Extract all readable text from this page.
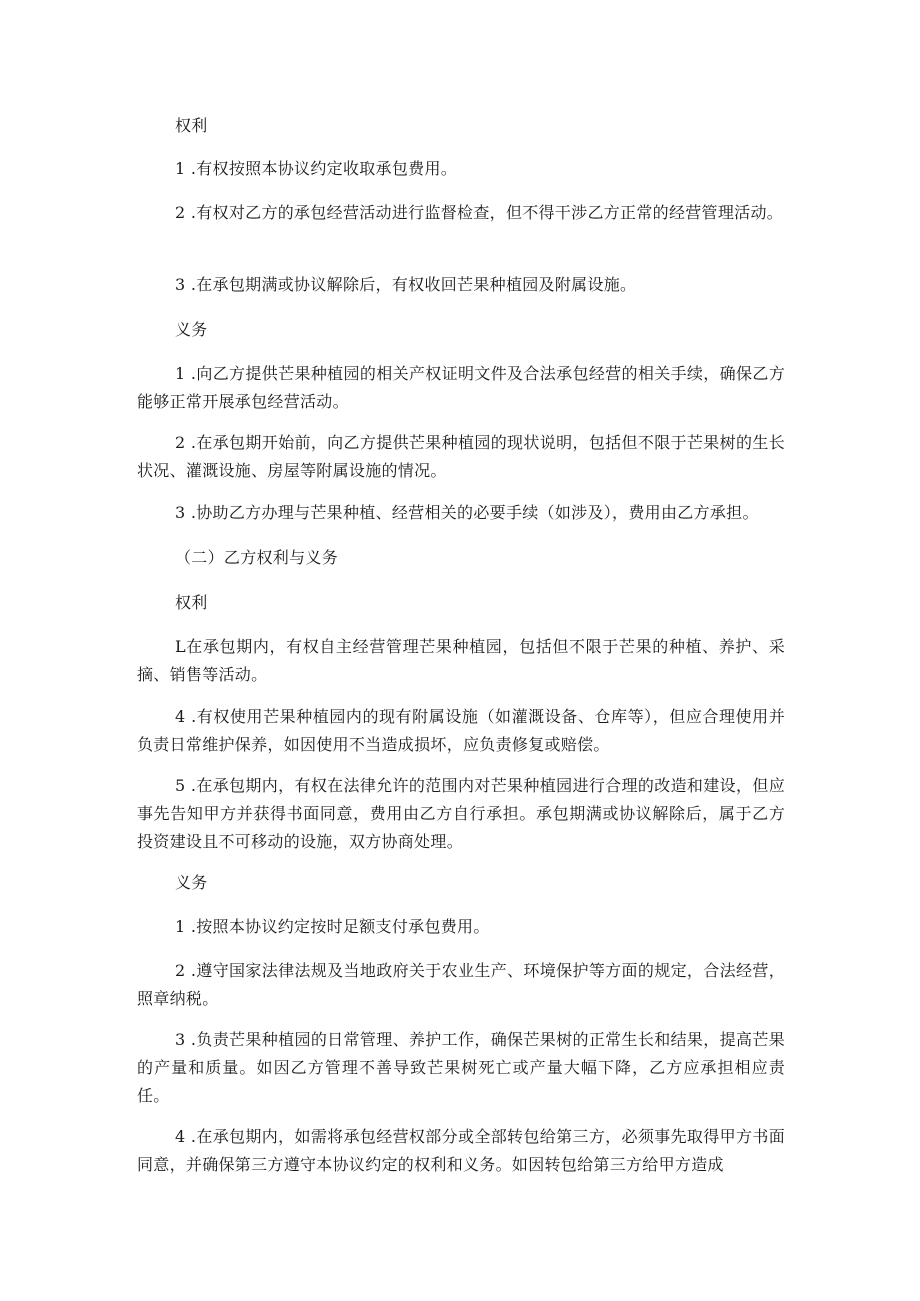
权利

1 .有权按照本协议约定收取承包费用。

2 .有权对乙方的承包经营活动进行监督检查，但不得干涉乙方正常的经营管理活动。

3 .在承包期满或协议解除后，有权收回芒果种植园及附属设施。

义务

1 .向乙方提供芒果种植园的相关产权证明文件及合法承包经营的相关手续，确保乙方能够正常开展承包经营活动。

2 .在承包期开始前，向乙方提供芒果种植园的现状说明，包括但不限于芒果树的生长状况、灌溉设施、房屋等附属设施的情况。

3 .协助乙方办理与芒果种植、经营相关的必要手续（如涉及），费用由乙方承担。

（二）乙方权利与义务

权利

L在承包期内，有权自主经营管理芒果种植园，包括但不限于芒果的种植、养护、采摘、销售等活动。

4 .有权使用芒果种植园内的现有附属设施（如灌溉设备、仓库等），但应合理使用并负责日常维护保养，如因使用不当造成损坏，应负责修复或赔偿。

5 .在承包期内，有权在法律允许的范围内对芒果种植园进行合理的改造和建设，但应事先告知甲方并获得书面同意，费用由乙方自行承担。承包期满或协议解除后，属于乙方投资建设且不可移动的设施，双方协商处理。

义务

1 .按照本协议约定按时足额支付承包费用。

2 .遵守国家法律法规及当地政府关于农业生产、环境保护等方面的规定，合法经营，照章纳税。

3 .负责芒果种植园的日常管理、养护工作，确保芒果树的正常生长和结果，提高芒果的产量和质量。如因乙方管理不善导致芒果树死亡或产量大幅下降，乙方应承担相应责任。

4 .在承包期内，如需将承包经营权部分或全部转包给第三方，必须事先取得甲方书面同意，并确保第三方遵守本协议约定的权利和义务。如因转包给第三方给甲方造成
